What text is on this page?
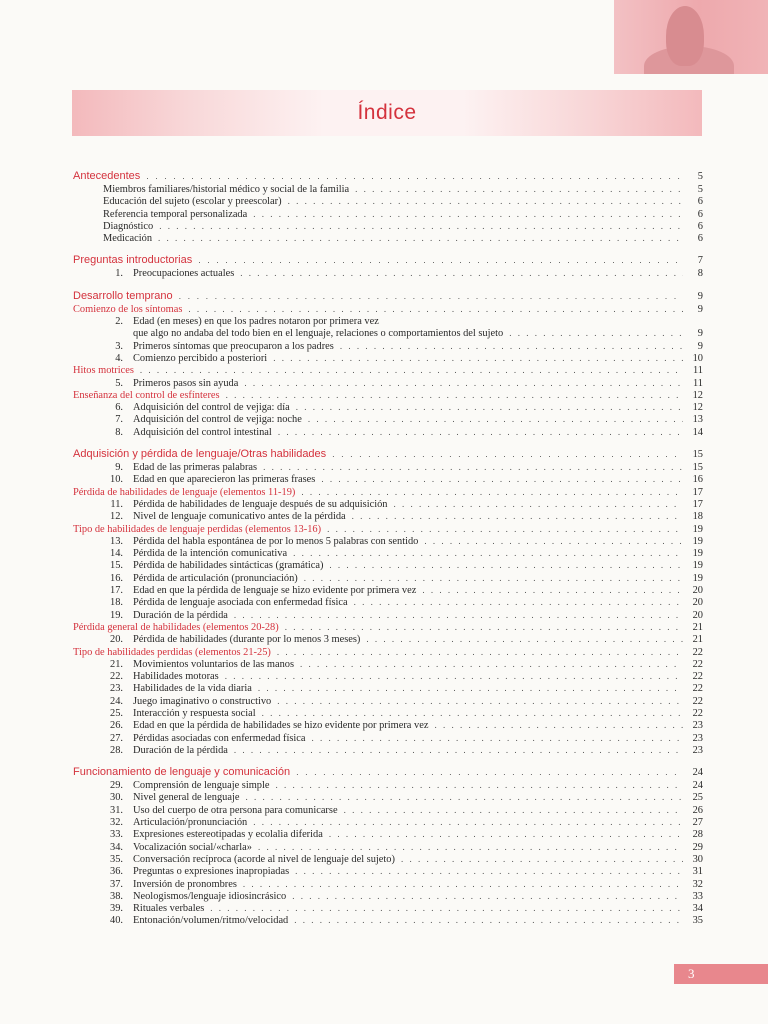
Índice
Antecedentes . . .	5
Miembros familiares/historial médico y social de la familia . . .	5
Educación del sujeto (escolar y preescolar) . . .	6
Referencia temporal personalizada . . .	6
Diagnóstico . . .	6
Medicación . . .	6
Preguntas introductorias . . .	7
1. Preocupaciones actuales . . .	8
Desarrollo temprano . . .	9
Comienzo de los síntomas . . .	9
2. Edad (en meses) en que los padres notaron por primera vez
que algo no andaba del todo bien en el lenguaje, relaciones o comportamientos del sujeto . . .	9
3. Primeros síntomas que preocuparon a los padres . . .	9
4. Comienzo percibido a posteriori . . .	10
Hitos motrices . . .	11
5. Primeros pasos sin ayuda . . .	11
Enseñanza del control de esfínteres . . .	12
6. Adquisición del control de vejiga: día . . .	12
7. Adquisición del control de vejiga: noche . . .	13
8. Adquisición del control intestinal . . .	14
Adquisición y pérdida de lenguaje/Otras habilidades . . .	15
9. Edad de las primeras palabras . . .	15
10. Edad en que aparecieron las primeras frases . . .	16
Pérdida de habilidades de lenguaje (elementos 11-19) . . .	17
11. Pérdida de habilidades de lenguaje después de su adquisición . . .	17
12. Nivel de lenguaje comunicativo antes de la pérdida . . .	18
Tipo de habilidades de lenguaje perdidas (elementos 13-16) . . .	19
13. Pérdida del habla espontánea de por lo menos 5 palabras con sentido . . .	19
14. Pérdida de la intención comunicativa . . .	19
15. Pérdida de habilidades sintácticas (gramática) . . .	19
16. Pérdida de articulación (pronunciación) . . .	19
17. Edad en que la pérdida de lenguaje se hizo evidente por primera vez . . .	20
18. Pérdida de lenguaje asociada con enfermedad física . . .	20
19. Duración de la pérdida . . .	20
Pérdida general de habilidades (elementos 20-28) . . .	21
20. Pérdida de habilidades (durante por lo menos 3 meses) . . .	21
Tipo de habilidades perdidas (elementos 21-25) . . .	22
21. Movimientos voluntarios de las manos . . .	22
22. Habilidades motoras . . .	22
23. Habilidades de la vida diaria . . .	22
24. Juego imaginativo o constructivo . . .	22
25. Interacción y respuesta social . . .	22
26. Edad en que la pérdida de habilidades se hizo evidente por primera vez . . .	23
27. Pérdidas asociadas con enfermedad física . . .	23
28. Duración de la pérdida . . .	23
Funcionamiento de lenguaje y comunicación . . .	24
29. Comprensión de lenguaje simple . . .	24
30. Nivel general de lenguaje . . .	25
31. Uso del cuerpo de otra persona para comunicarse . . .	26
32. Articulación/pronunciación . . .	27
33. Expresiones estereotipadas y ecolalia diferida . . .	28
34. Vocalización social/«charla» . . .	29
35. Conversación recíproca (acorde al nivel de lenguaje del sujeto) . . .	30
36. Preguntas o expresiones inapropiadas . . .	31
37. Inversión de pronombres . . .	32
38. Neologismos/lenguaje idiosincrásico . . .	33
39. Rituales verbales . . .	34
40. Entonación/volumen/ritmo/velocidad . . .	35
3
